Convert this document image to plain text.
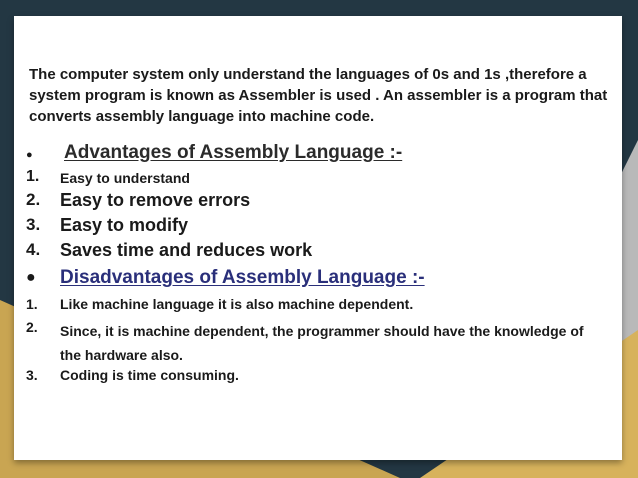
The computer system only understand the languages of 0s and 1s ,therefore a system program is known as Assembler is used . An assembler is a program that converts assembly language into machine code.

● Advantages of Assembly Language :-
1. Easy to understand
2. Easy to remove errors
3. Easy to modify
4. Saves time and reduces work
● Disadvantages of Assembly Language :-
1. Like machine language it is also machine dependent.
2. Since, it is machine dependent, the programmer should have the knowledge of the hardware also.
3. Coding is time consuming.
